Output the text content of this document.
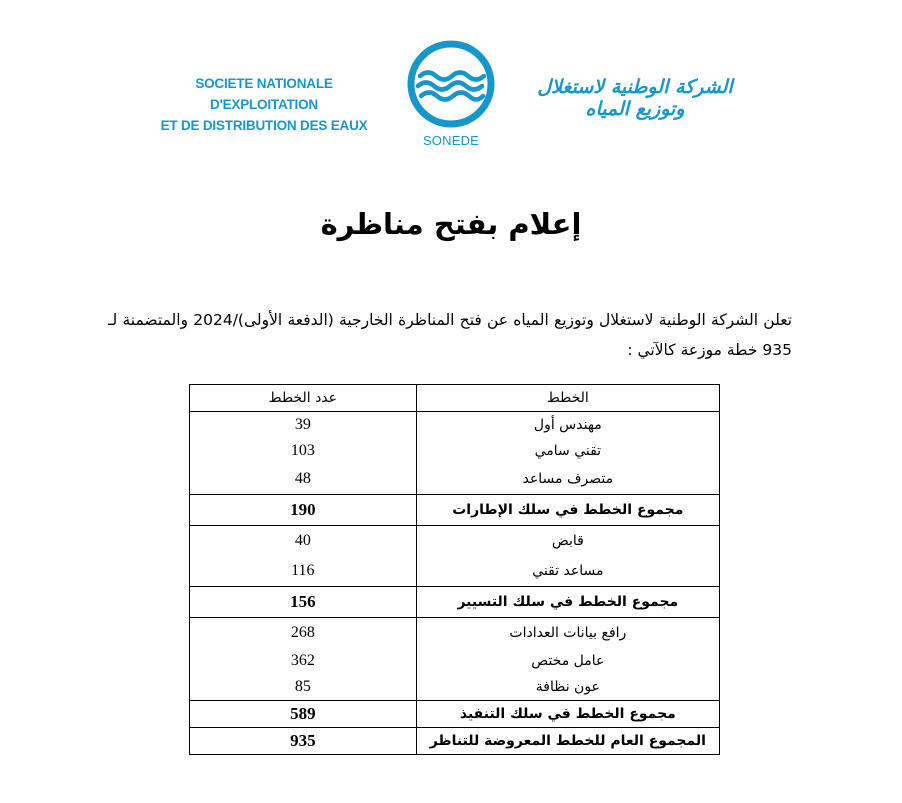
SOCIETE NATIONALE D'EXPLOITATION
ET DE DISTRIBUTION DES EAUX
SONEDE
الشركة الوطنية لاستغلال وتوزيع المياه
إعلام بفتح مناظرة
تعلن الشركة الوطنية لاستغلال وتوزيع المياه عن فتح المناظرة الخارجية (الدفعة الأولى)/2024 والمتضمنة لـ 935 خطة موزعة كالآتي :
الخطط	عدد الخطط
مهندس أول	39
تقني سامي	103
متصرف مساعد	48
مجموع الخطط في سلك الإطارات	190
قابض	40
مساعد تقني	116
مجموع الخطط في سلك التسيير	156
رافع بيانات العدادات	268
عامل مختص	362
عون نظافة	85
مجموع الخطط في سلك التنفيذ	589
المجموع العام للخطط المعروضة للتناظر	935
